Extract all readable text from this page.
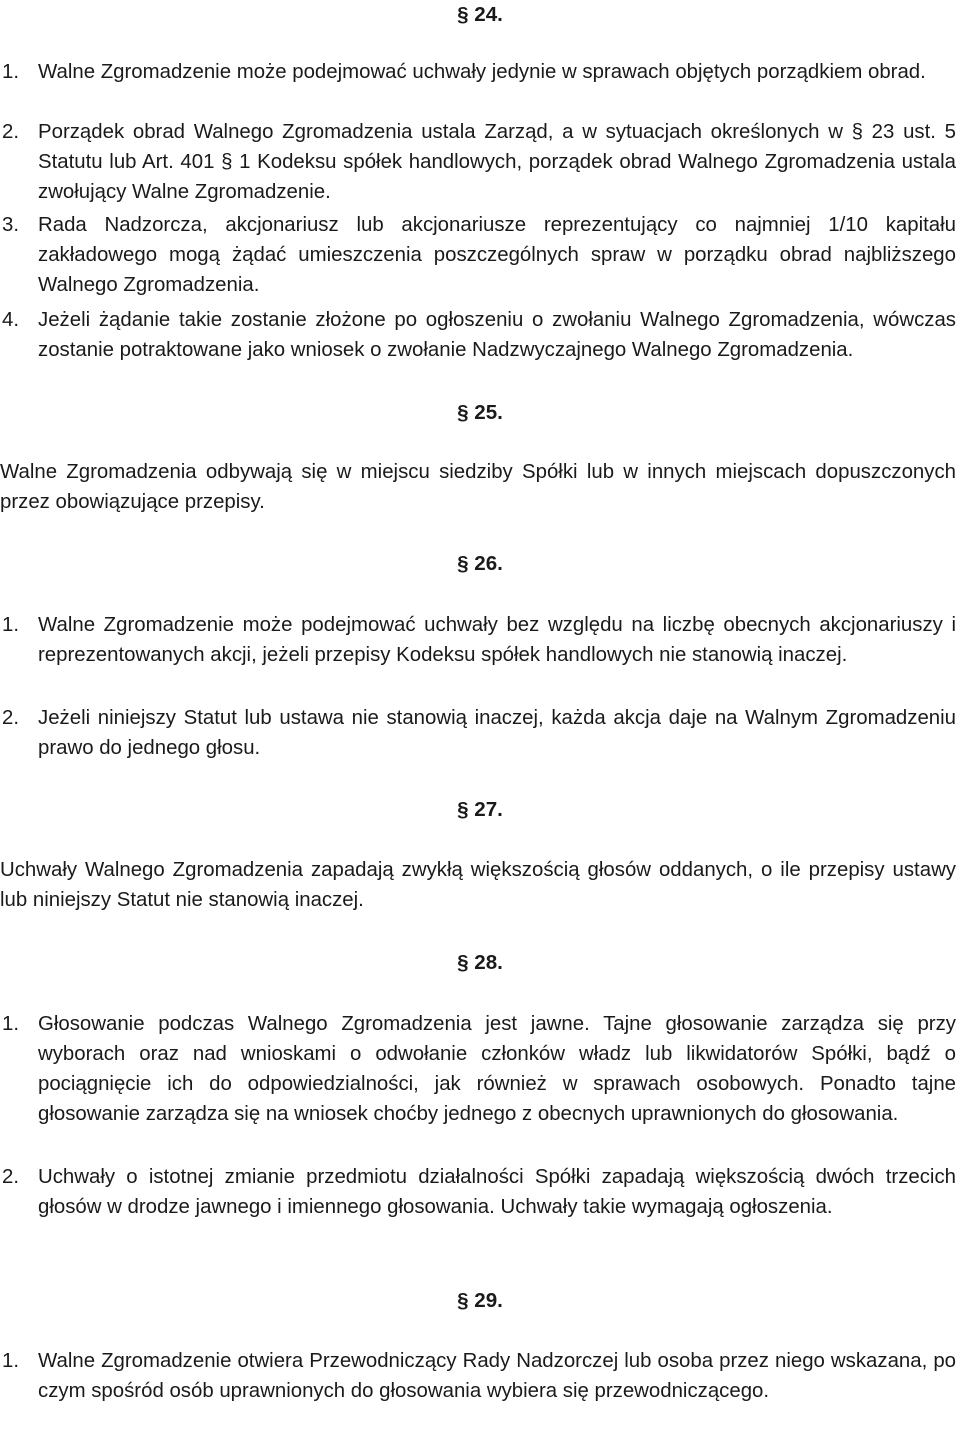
§ 24.
1. Walne Zgromadzenie może podejmować uchwały jedynie w sprawach objętych porządkiem obrad.
2. Porządek obrad Walnego Zgromadzenia ustala Zarząd, a w sytuacjach określonych w § 23 ust. 5 Statutu lub Art. 401 § 1 Kodeksu spółek handlowych, porządek obrad Walnego Zgromadzenia ustala zwołujący Walne Zgromadzenie.
3. Rada Nadzorcza, akcjonariusz lub akcjonariusze reprezentujący co najmniej 1/10 kapitału zakładowego mogą żądać umieszczenia poszczególnych spraw w porządku obrad najbliższego Walnego Zgromadzenia.
4. Jeżeli żądanie takie zostanie złożone po ogłoszeniu o zwołaniu Walnego Zgromadzenia, wówczas zostanie potraktowane jako wniosek o zwołanie Nadzwyczajnego Walnego Zgromadzenia.
§ 25.
Walne Zgromadzenia odbywają się w miejscu siedziby Spółki lub w innych miejscach dopuszczonych przez obowiązujące przepisy.
§ 26.
1. Walne Zgromadzenie może podejmować uchwały bez względu na liczbę obecnych akcjonariuszy i reprezentowanych akcji, jeżeli przepisy Kodeksu spółek handlowych nie stanowią inaczej.
2. Jeżeli niniejszy Statut lub ustawa nie stanowią inaczej, każda akcja daje na Walnym Zgromadzeniu prawo do jednego głosu.
§ 27.
Uchwały Walnego Zgromadzenia zapadają zwykłą większością głosów oddanych, o ile przepisy ustawy lub niniejszy Statut nie stanowią inaczej.
§ 28.
1. Głosowanie podczas Walnego Zgromadzenia jest jawne. Tajne głosowanie zarządza się przy wyborach oraz nad wnioskami o odwołanie członków władz lub likwidatorów Spółki, bądź o pociągnięcie ich do odpowiedzialności, jak również w sprawach osobowych. Ponadto tajne głosowanie zarządza się na wniosek choćby jednego z obecnych uprawnionych do głosowania.
2. Uchwały o istotnej zmianie przedmiotu działalności Spółki zapadają większością dwóch trzecich głosów w drodze jawnego i imiennego głosowania. Uchwały takie wymagają ogłoszenia.
§ 29.
1. Walne Zgromadzenie otwiera Przewodniczący Rady Nadzorczej lub osoba przez niego wskazana, po czym spośród osób uprawnionych do głosowania wybiera się przewodniczącego.
